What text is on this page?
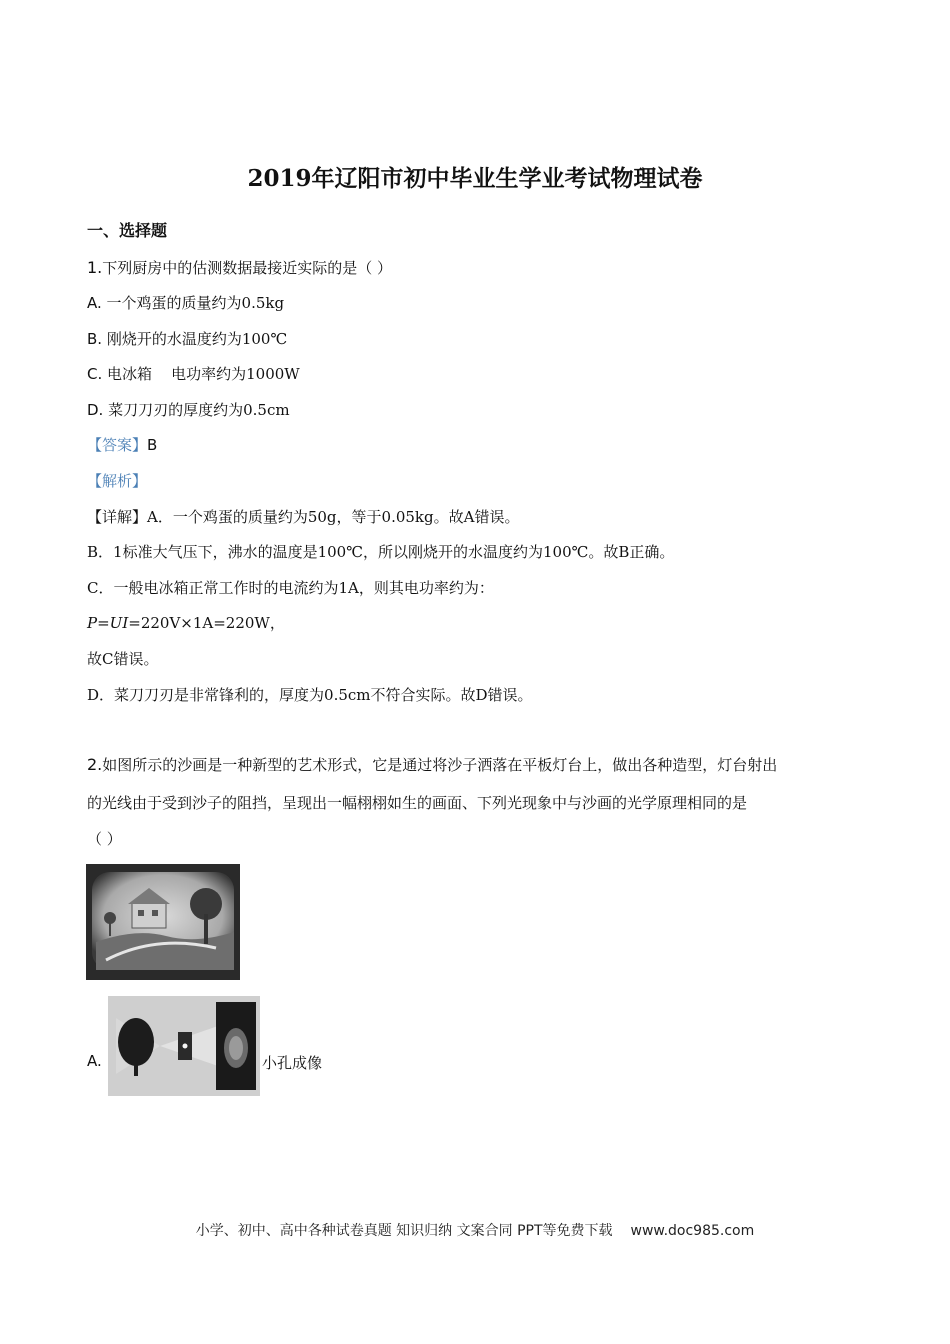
2019年辽阳市初中毕业生学业考试物理试卷
一、选择题
1.下列厨房中的估测数据最接近实际的是（ ）
A. 一个鸡蛋的质量约为0.5kg
B. 刚烧开的水温度约为100℃
C. 电冰箱    电功率约为1000W
D. 菜刀刀刃的厚度约为0.5cm
【答案】B
【解析】
【详解】A．一个鸡蛋的质量约为50g，等于0.05kg。故A错误。
B．1标准大气压下，沸水的温度是100℃，所以刚烧开的水温度约为100℃。故B正确。
C．一般电冰箱正常工作时的电流约为1A，则其电功率约为：
P=UI=220V×1A=220W，
故C错误。
D．菜刀刀刃是非常锋利的，厚度为0.5cm不符合实际。故D错误。
2.如图所示的沙画是一种新型的艺术形式，它是通过将沙子洒落在平板灯台上，做出各种造型，灯台射出
的光线由于受到沙子的阻挡，呈现出一幅栩栩如生的画面、下列光现象中与沙画的光学原理相同的是
（ ）
A.	小孔成像
小学、初中、高中各种试卷真题 知识归纳 文案合同 PPT等免费下载 www.doc985.com
